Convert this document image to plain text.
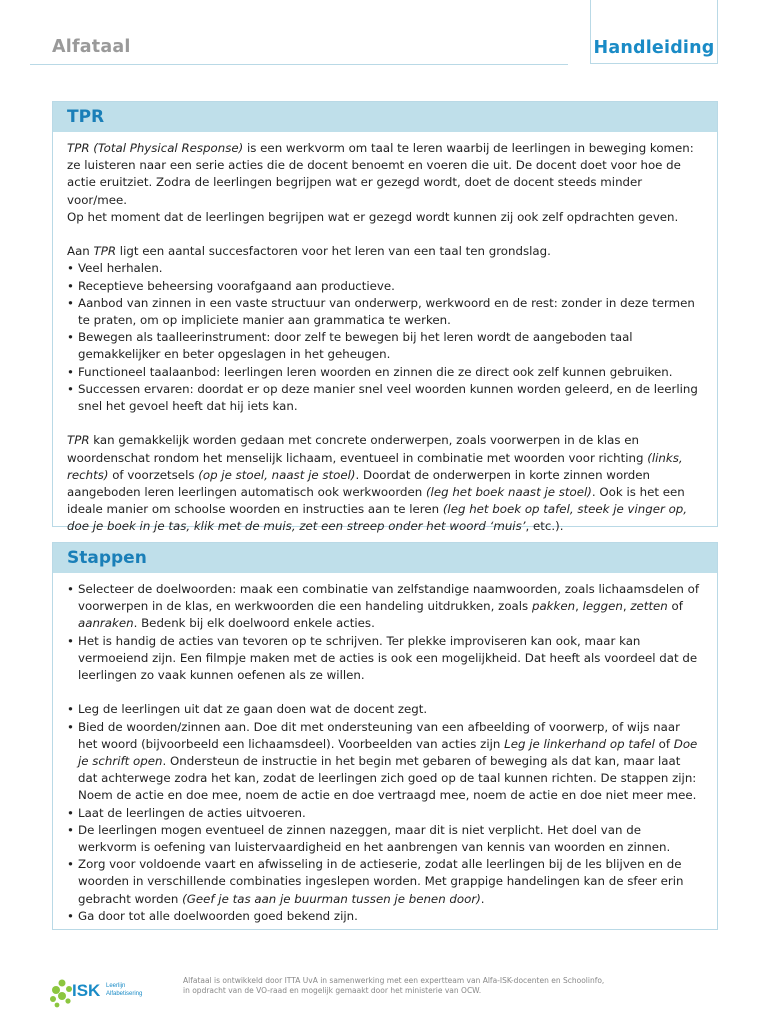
Alfataal	Handleiding
TPR

TPR (Total Physical Response) is een werkvorm om taal te leren waarbij de leerlingen in beweging komen: ze luisteren naar een serie acties die de docent benoemt en voeren die uit. De docent doet voor hoe de actie eruitziet. Zodra de leerlingen begrijpen wat er gezegd wordt, doet de docent steeds minder voor/mee.

Op het moment dat de leerlingen begrijpen wat er gezegd wordt kunnen zij ook zelf opdrachten geven.

Aan TPR ligt een aantal succesfactoren voor het leren van een taal ten grondslag.

• Veel herhalen.
• Receptieve beheersing voorafgaand aan productieve.
• Aanbod van zinnen in een vaste structuur van onderwerp, werkwoord en de rest: zonder in deze termen te praten, om op impliciete manier aan grammatica te werken.
• Bewegen als taalleerinstrument: door zelf te bewegen bij het leren wordt de aangeboden taal gemakkelijker en beter opgeslagen in het geheugen.
• Functioneel taalaanbod: leerlingen leren woorden en zinnen die ze direct ook zelf kunnen gebruiken.
• Successen ervaren: doordat er op deze manier snel veel woorden kunnen worden geleerd, en de leerling snel het gevoel heeft dat hij iets kan.

TPR kan gemakkelijk worden gedaan met concrete onderwerpen, zoals voorwerpen in de klas en woordenschat rondom het menselijk lichaam, eventueel in combinatie met woorden voor richting (links, rechts) of voorzetsels (op je stoel, naast je stoel). Doordat de onderwerpen in korte zinnen worden aangeboden leren leerlingen automatisch ook werkwoorden (leg het boek naast je stoel). Ook is het een ideale manier om schoolse woorden en instructies aan te leren (leg het boek op tafel, steek je vinger op, doe je boek in je tas, klik met de muis, zet een streep onder het woord ‘muis’, etc.).

Stappen
• Selecteer de doelwoorden: maak een combinatie van zelfstandige naamwoorden, zoals lichaamsdelen of voorwerpen in de klas, en werkwoorden die een handeling uitdrukken, zoals pakken, leggen, zetten of aanraken. Bedenk bij elk doelwoord enkele acties.
• Het is handig de acties van tevoren op te schrijven. Ter plekke improviseren kan ook, maar kan vermoeiend zijn. Een filmpje maken met de acties is ook een mogelijkheid. Dat heeft als voordeel dat de leerlingen zo vaak kunnen oefenen als ze willen.
• Leg de leerlingen uit dat ze gaan doen wat de docent zegt.
• Bied de woorden/zinnen aan. Doe dit met ondersteuning van een afbeelding of voorwerp, of wijs naar het woord (bijvoorbeeld een lichaamsdeel). Voorbeelden van acties zijn Leg je linkerhand op tafel of Doe je schrift open. Ondersteun de instructie in het begin met gebaren of beweging als dat kan, maar laat dat achterwege zodra het kan, zodat de leerlingen zich goed op de taal kunnen richten. De stappen zijn: Noem de actie en doe mee, noem de actie en doe vertraagd mee, noem de actie en doe niet meer mee.
• Laat de leerlingen de acties uitvoeren.
• De leerlingen mogen eventueel de zinnen nazeggen, maar dit is niet verplicht. Het doel van de werkvorm is oefening van luistervaardigheid en het aanbrengen van kennis van woorden en zinnen.
• Zorg voor voldoende vaart en afwisseling in de actieserie, zodat alle leerlingen bij de les blijven en de woorden in verschillende combinaties ingeslepen worden. Met grappige handelingen kan de sfeer erin gebracht worden (Geef je tas aan je buurman tussen je benen door).
• Ga door tot alle doelwoorden goed bekend zijn.
ISK Leerlijn
Alfabetisering
Alfataal is ontwikkeld door ITTA UvA in samenwerking met een expertteam van Alfa-ISK-docenten en Schoolinfo,
in opdracht van de VO-raad en mogelijk gemaakt door het ministerie van OCW.
